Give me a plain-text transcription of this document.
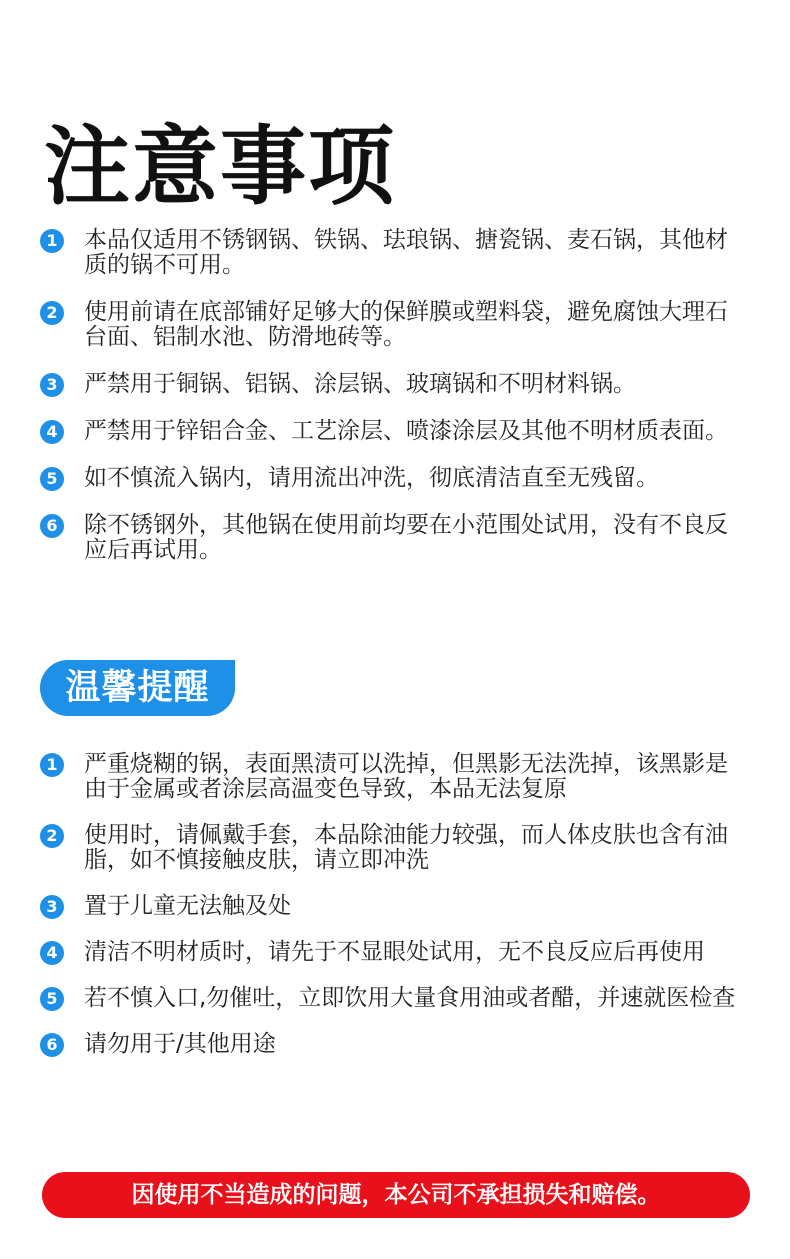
注意事项
1 本品仅适用不锈钢锅、铁锅、珐琅锅、搪瓷锅、麦石锅，其他材质的锅不可用。
2 使用前请在底部铺好足够大的保鲜膜或塑料袋，避免腐蚀大理石台面、铝制水池、防滑地砖等。
3 严禁用于铜锅、铝锅、涂层锅、玻璃锅和不明材料锅。
4 严禁用于锌铝合金、工艺涂层、喷漆涂层及其他不明材质表面。
5 如不慎流入锅内，请用流出冲洗，彻底清洁直至无残留。
6 除不锈钢外，其他锅在使用前均要在小范围处试用，没有不良反应后再试用。
温馨提醒
1 严重烧糊的锅，表面黑渍可以洗掉，但黑影无法洗掉，该黑影是由于金属或者涂层高温变色导致，本品无法复原
2 使用时，请佩戴手套，本品除油能力较强，而人体皮肤也含有油脂，如不慎接触皮肤，请立即冲洗
3 置于儿童无法触及处
4 清洁不明材质时，请先于不显眼处试用，无不良反应后再使用
5 若不慎入口,勿催吐，立即饮用大量食用油或者醋，并速就医检查
6 请勿用于/其他用途
因使用不当造成的问题，本公司不承担损失和赔偿。
